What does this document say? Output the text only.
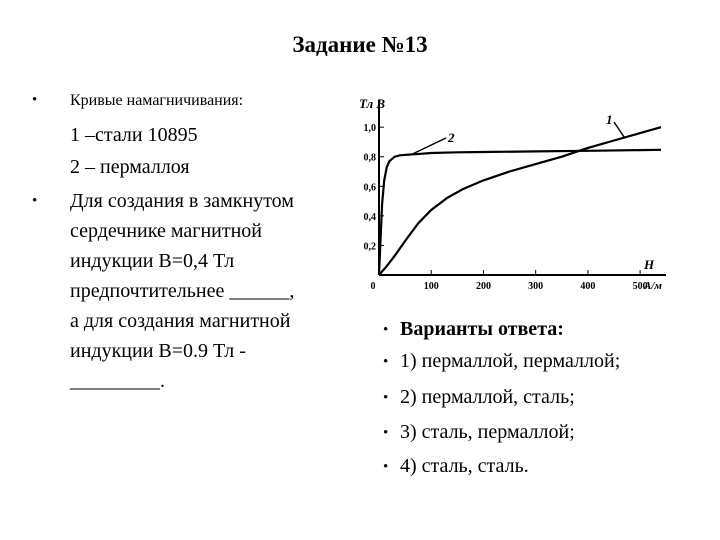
Задание №13
• Кривые намагничивания:
1 –стали 10895
2 – пермаллоя
• Для создания в замкнутом
сердечнике магнитной
индукции B=0,4 Тл
предпочтительнее ______,
а для создания магнитной
индукции B=0.9 Тл -
_________.
• Варианты ответа:
• 1) пермаллой, пермаллой;
• 2) пермаллой, сталь;
• 3) сталь, пермаллой;
• 4) сталь, сталь.
1,0
0,8
0,6
0,4
0,2
0	100	200	300	400	500
Тл B
H
А/м
1
2
